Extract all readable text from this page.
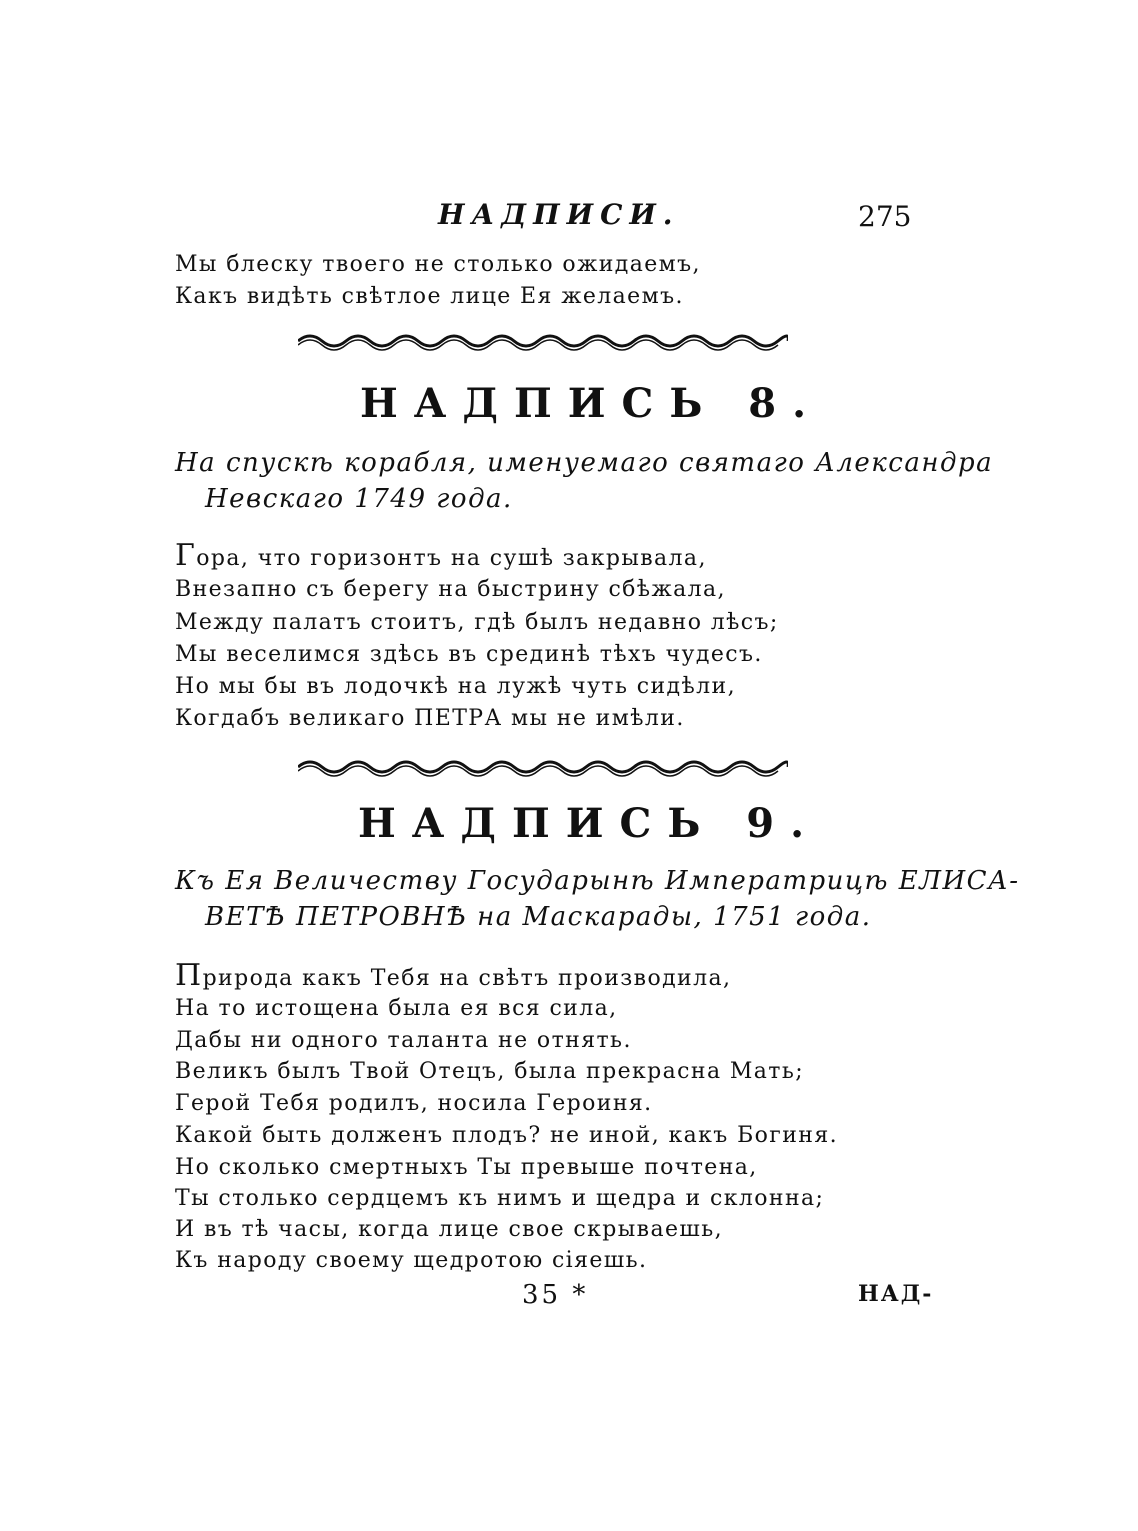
НАДПИСИ.	275
Мы блеску твоего не столько ожидаемъ,
Какъ видѣть свѣтлое лице Ея желаемъ.
НАДПИСЬ 8.
На спускѣ корабля, именуемаго святаго Александра
Невскаго 1749 года.
Гора, что горизонтъ на сушѣ закрывала,
Внезапно съ берегу на быстрину сбѣжала,
Между палатъ стоитъ, гдѣ былъ недавно лѣсъ;
Мы веселимся здѣсь въ срединѣ тѣхъ чудесъ.
Но мы бы въ лодочкѣ на лужѣ чуть сидѣли,
Когдабъ великаго ПЕТРА мы не имѣли.
НАДПИСЬ 9.
Къ Ея Величеству Государынѣ Императрицѣ ЕЛИСА-
ВЕТѢ ПЕТРОВНѢ на Маскарады, 1751 года.
Природа какъ Тебя на свѣтъ производила,
На то истощена была ея вся сила,
Дабы ни одного таланта не отнять.
Великъ былъ Твой Отецъ, была прекрасна Мать;
Герой Тебя родилъ, носила Героиня.
Какой быть долженъ плодъ? не иной, какъ Богиня.
Но сколько смертныхъ Ты превыше почтена,
Ты столько сердцемъ къ нимъ и щедра и склонна;
И въ тѣ часы, когда лице свое скрываешь,
Къ народу своему щедротою сіяешь.
35 *	НАД-
